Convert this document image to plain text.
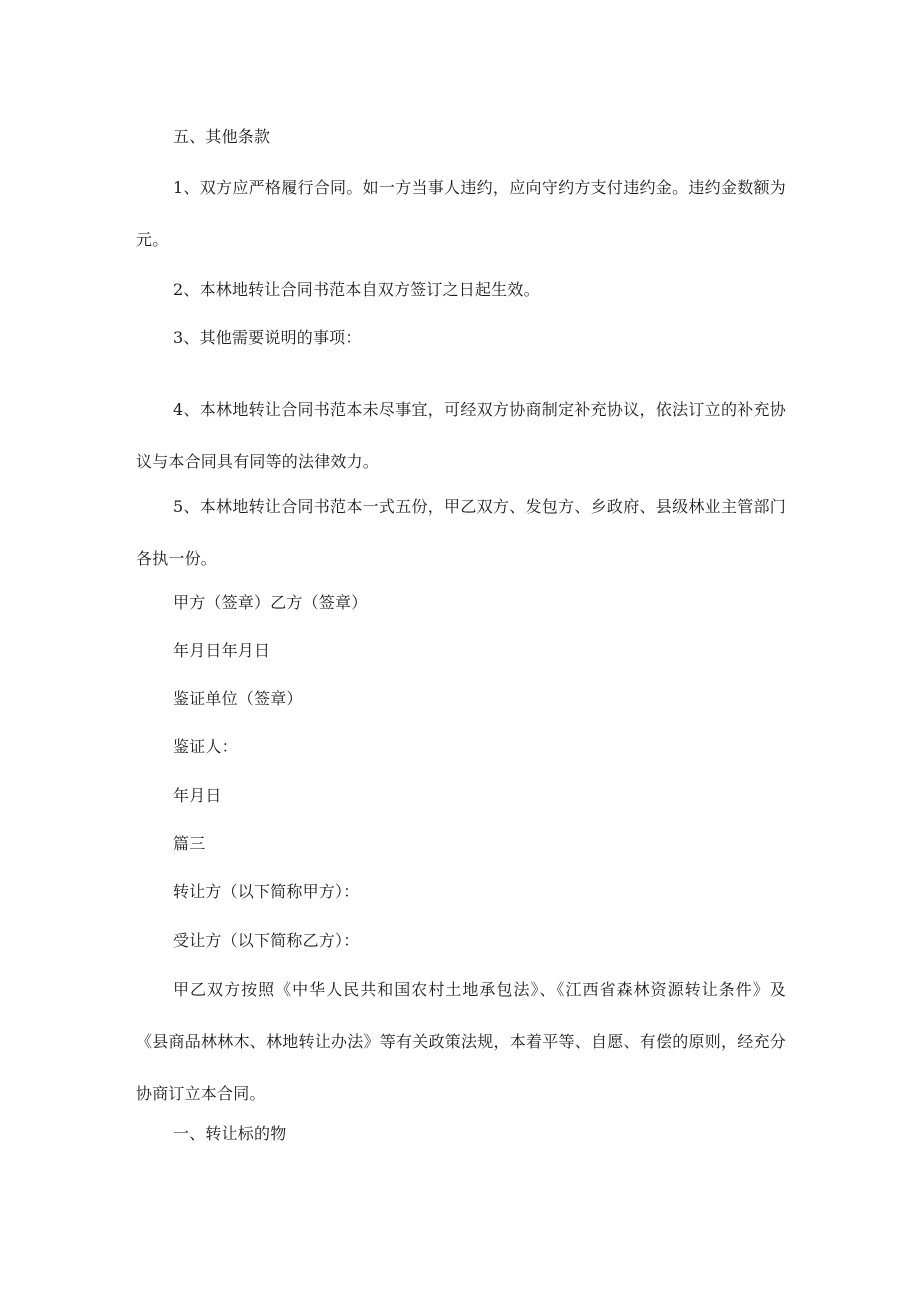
五、其他条款
1、双方应严格履行合同。如一方当事人违约，应向守约方支付违约金。违约金数额为元。
2、本林地转让合同书范本自双方签订之日起生效。
3、其他需要说明的事项：
4、本林地转让合同书范本未尽事宜，可经双方协商制定补充协议，依法订立的补充协议与本合同具有同等的法律效力。
5、本林地转让合同书范本一式五份，甲乙双方、发包方、乡政府、县级林业主管部门各执一份。
甲方（签章）乙方（签章）
年月日年月日
鉴证单位（签章）
鉴证人：
年月日
篇三
转让方（以下简称甲方）：
受让方（以下简称乙方）：
甲乙双方按照《中华人民共和国农村土地承包法》、《江西省森林资源转让条件》及《县商品林林木、林地转让办法》等有关政策法规，本着平等、自愿、有偿的原则，经充分协商订立本合同。
一、转让标的物
